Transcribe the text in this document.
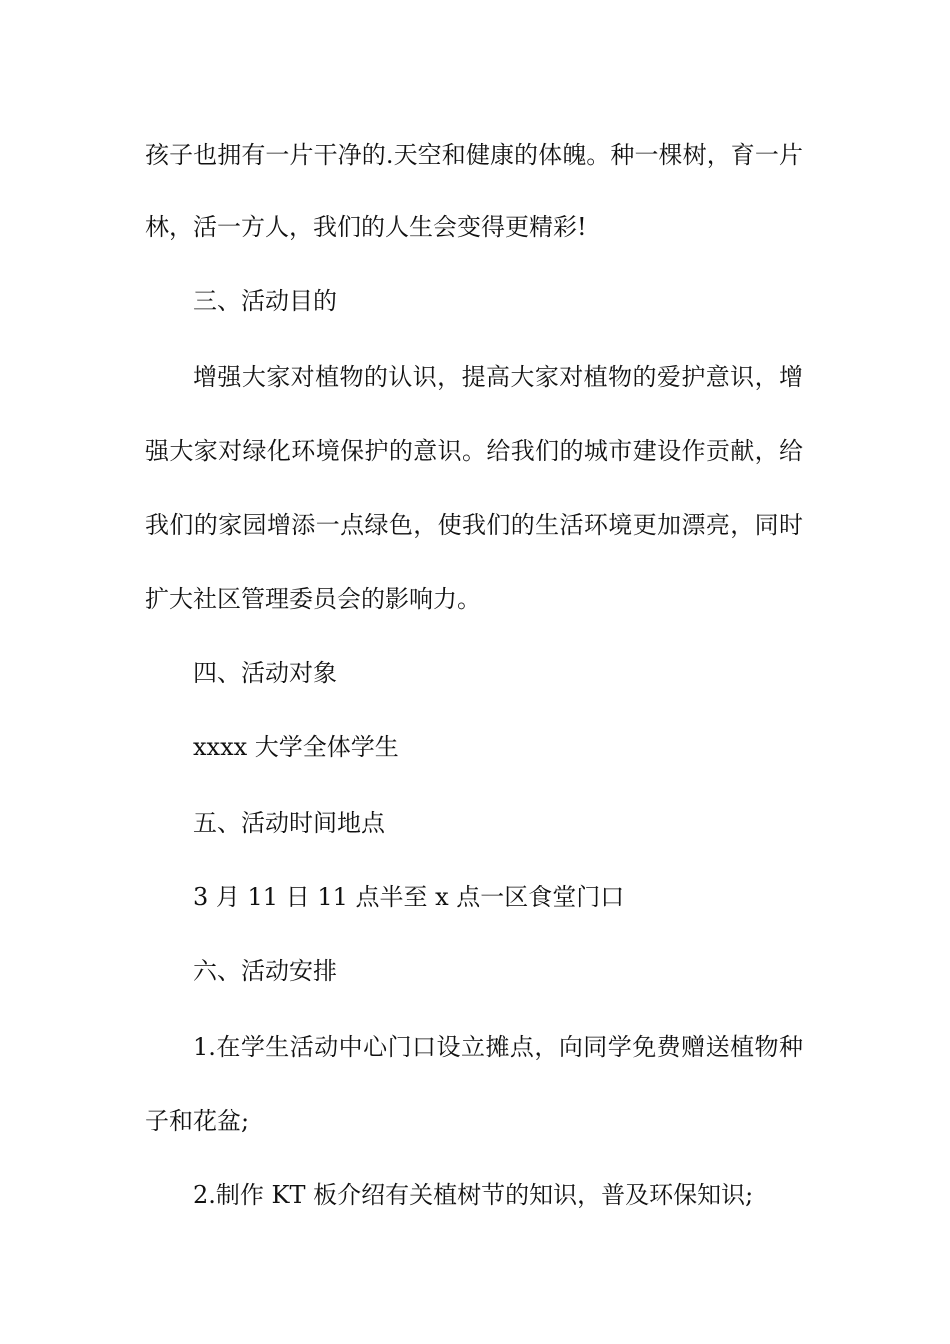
孩子也拥有一片干净的.天空和健康的体魄。种一棵树，育一片
林，活一方人，我们的人生会变得更精彩!
三、活动目的
增强大家对植物的认识，提高大家对植物的爱护意识，增
强大家对绿化环境保护的意识。给我们的城市建设作贡献，给
我们的家园增添一点绿色，使我们的生活环境更加漂亮，同时
扩大社区管理委员会的影响力。
四、活动对象
xxxx 大学全体学生
五、活动时间地点
3 月 11 日 11 点半至 x 点一区食堂门口
六、活动安排
1.在学生活动中心门口设立摊点，向同学免费赠送植物种
子和花盆;
2.制作 KT 板介绍有关植树节的知识，普及环保知识;
